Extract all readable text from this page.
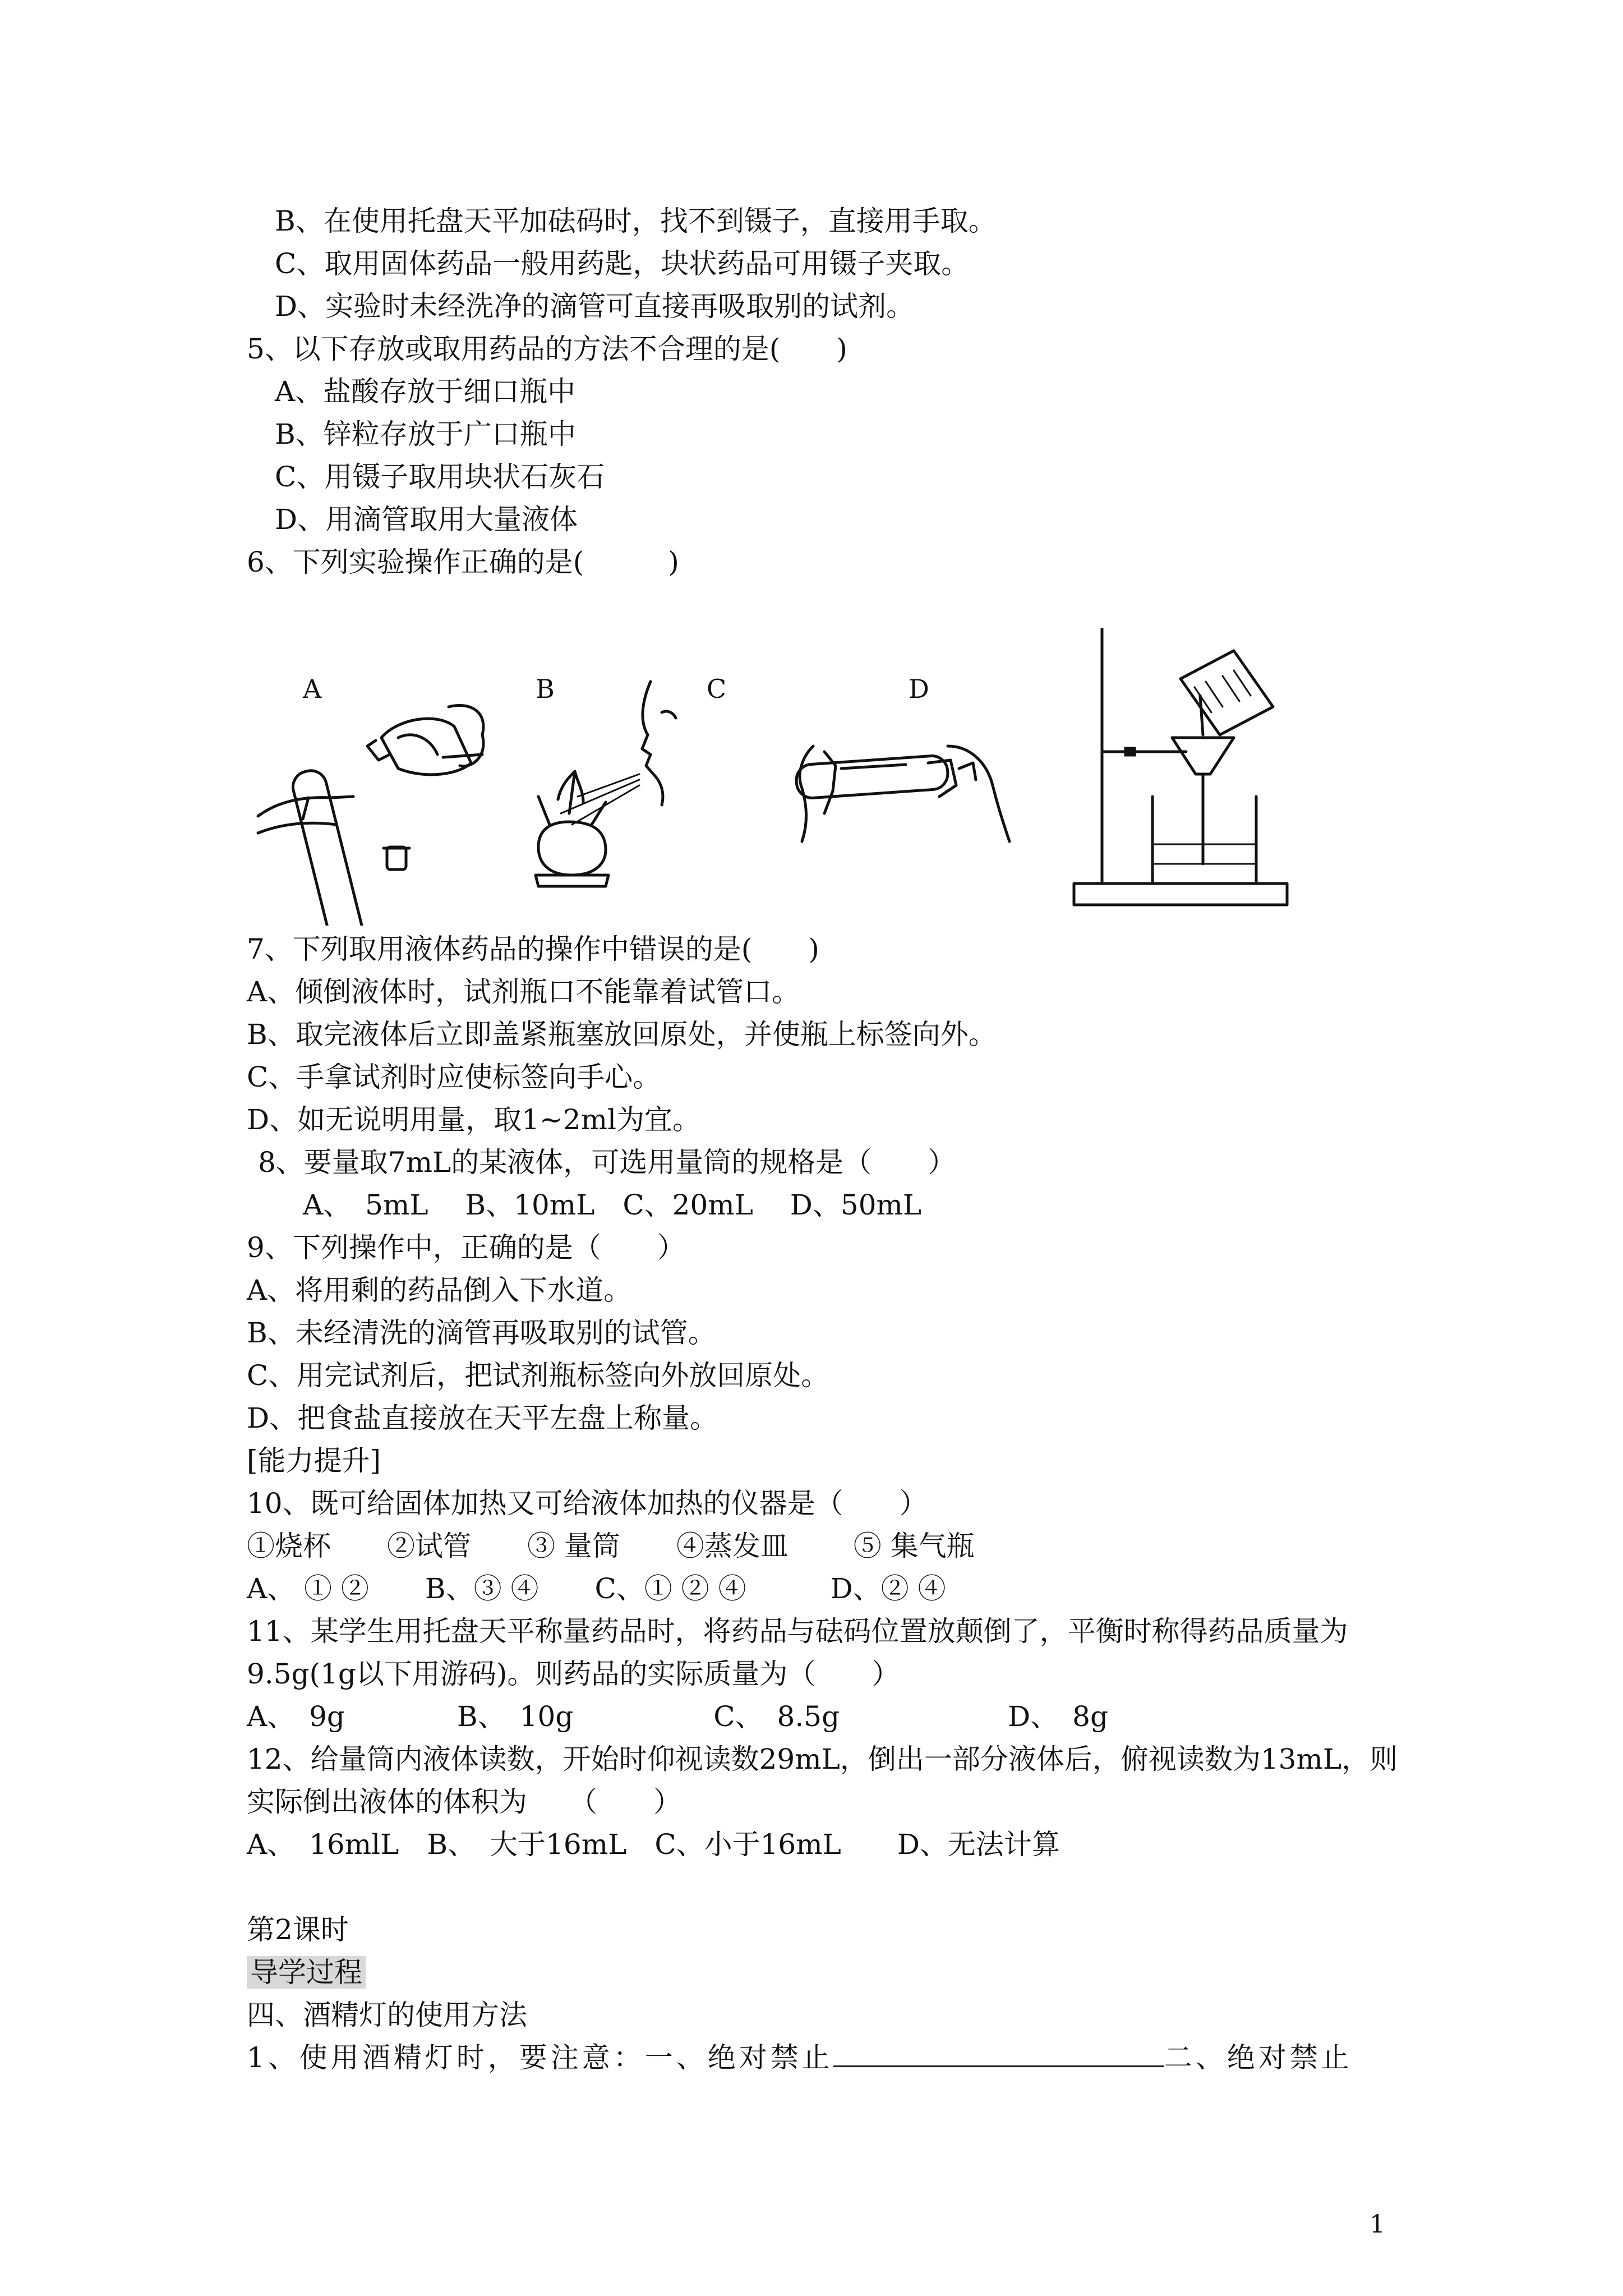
B、在使用托盘天平加砝码时，找不到镊子，直接用手取。
C、取用固体药品一般用药匙，块状药品可用镊子夹取。
D、实验时未经洗净的滴管可直接再吸取别的试剂。
5、以下存放或取用药品的方法不合理的是(　　)
A、盐酸存放于细口瓶中
B、锌粒存放于广口瓶中
C、用镊子取用块状石灰石
D、用滴管取用大量液体
6、下列实验操作正确的是(　　　)
A	B	C	D
7、下列取用液体药品的操作中错误的是(　　)
A、倾倒液体时，试剂瓶口不能靠着试管口。
B、取完液体后立即盖紧瓶塞放回原处，并使瓶上标签向外。
C、手拿试剂时应使标签向手心。
D、如无说明用量，取1~2ml为宜。
8、要量取7mL的某液体，可选用量筒的规格是（　　）
A、　5mL　 B、10mL　C、20mL　 D、50mL
9、下列操作中，正确的是（　　）
A、将用剩的药品倒入下水道。
B、未经清洗的滴管再吸取别的试管。
C、用完试剂后，把试剂瓶标签向外放回原处。
D、把食盐直接放在天平左盘上称量。
[能力提升]
10、既可给固体加热又可给液体加热的仪器是（　　）
①烧杯　　②试管　　③ 量筒　　④蒸发皿　　 ⑤ 集气瓶
A、 ① ②　　B、③ ④　　C、① ② ④　　　D、② ④
11、某学生用托盘天平称量药品时，将药品与砝码位置放颠倒了，平衡时称得药品质量为
9.5g(1g以下用游码)。则药品的实际质量为（　　）
A、　9g　　　　B、　10g　　　　　C、　8.5g　　　　　　D、　8g
12、给量筒内液体读数，开始时仰视读数29mL，倒出一部分液体后，俯视读数为13mL，则
实际倒出液体的体积为　　（　　）
A、　16mlL　B、　大于16mL　C、小于16mL　　D、无法计算
第2课时
导学过程
四、酒精灯的使用方法
1、使用酒精灯时，要注意：一、绝对禁止	二、绝对禁止
1
